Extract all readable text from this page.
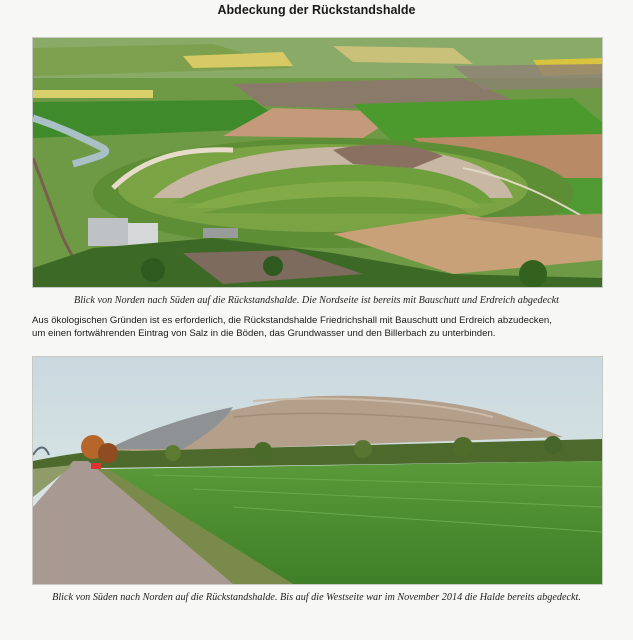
Abdeckung der Rückstandshalde
Blick von Norden nach Süden auf die Rückstandshalde. Die Nordseite ist bereits mit Bauschutt und Erdreich abgedeckt
Aus ökologischen Gründen ist es erforderlich, die Rückstandshalde Friedrichshall mit Bauschutt und Erdreich abzudecken,
um einen fortwährenden Eintrag von Salz in die Böden, das Grundwasser und den Billerbach zu unterbinden.
Blick von Süden nach Norden auf die Rückstandshalde. Bis auf die Westseite war im November 2014 die Halde bereits abgedeckt.
